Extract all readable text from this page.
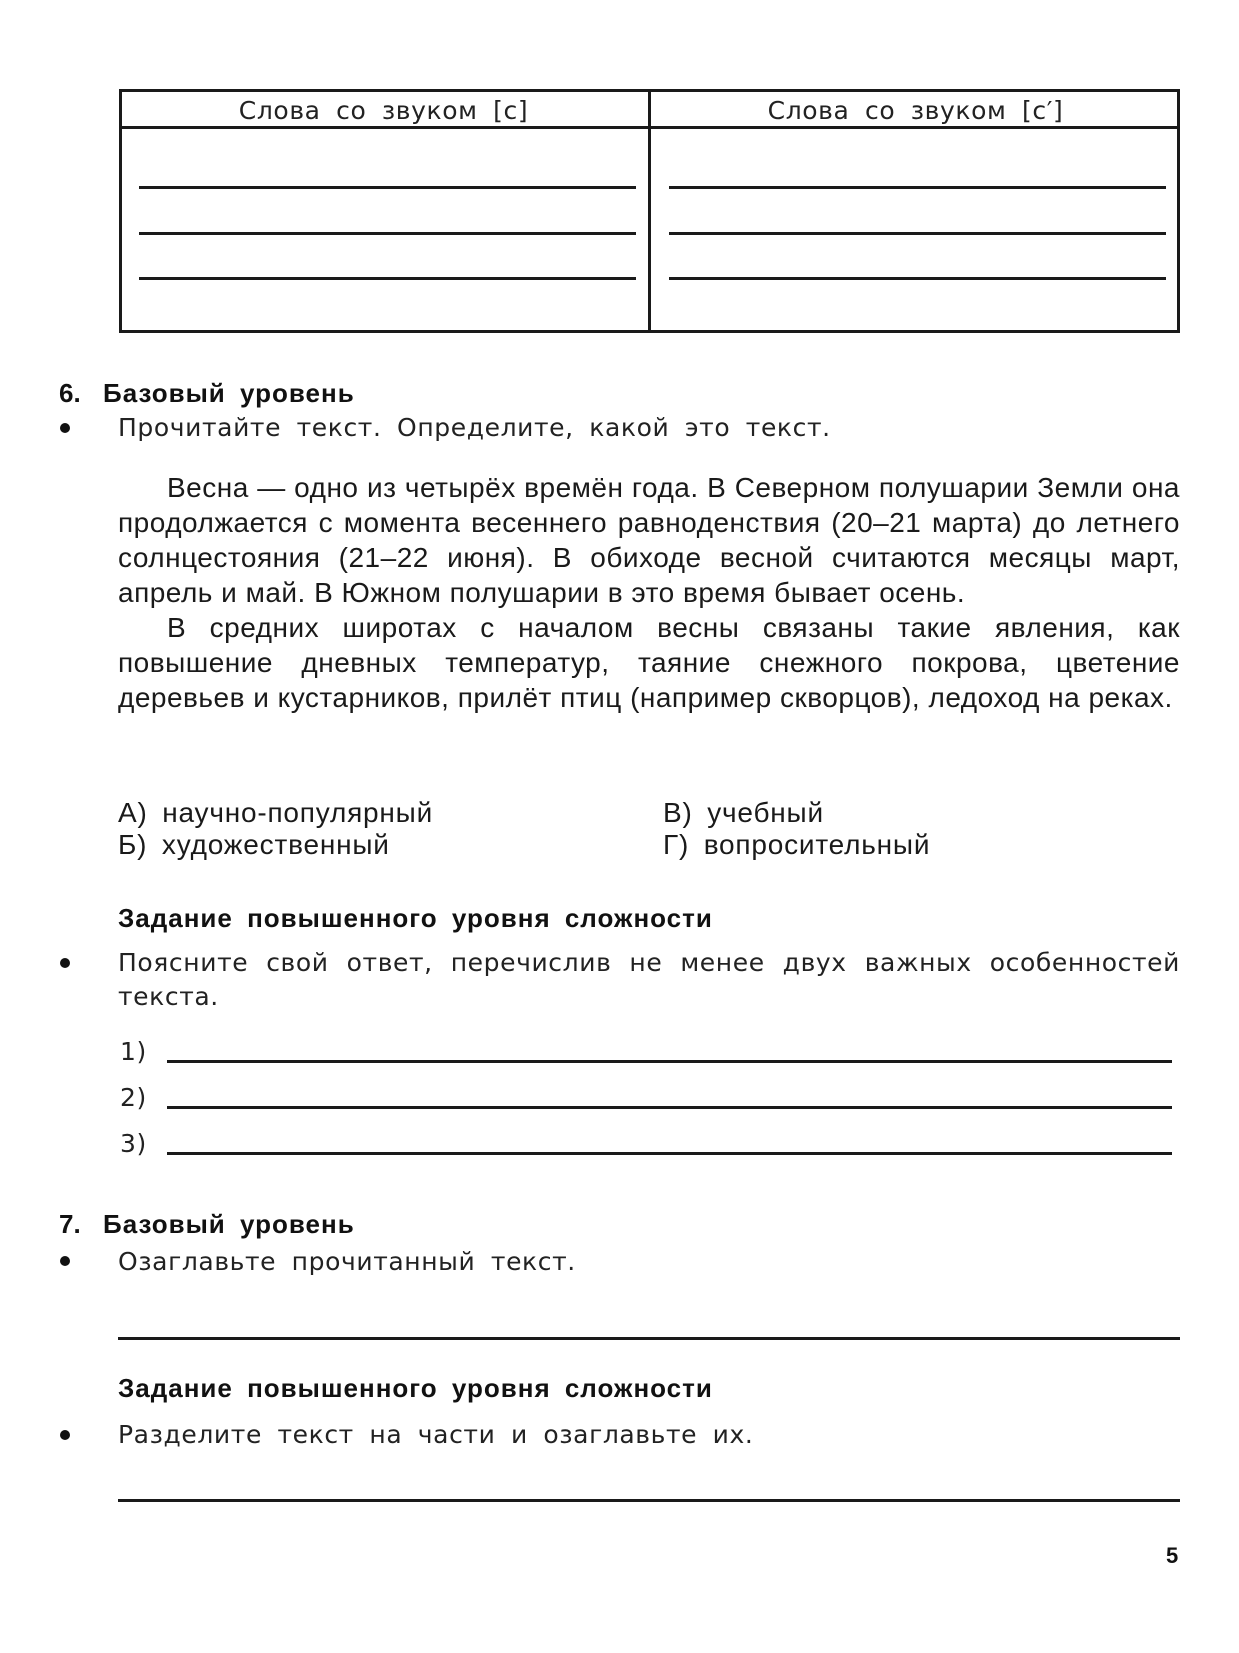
Слова со звуком [с]	Слова со звуком [с′]
6. Базовый уровень
Прочитайте текст. Определите, какой это текст.

Весна — одно из четырёх времён года. В Северном полушарии Земли она продолжается с момента весеннего равноденствия (20–21 марта) до летнего солнцестояния (21–22 июня). В обиходе весной считаются месяцы март, апрель и май. В Южном полушарии в это время бывает осень.

В средних широтах с началом весны связаны такие явления, как повышение дневных температур, таяние снежного покрова, цветение деревьев и кустарников, прилёт птиц (например скворцов), ледоход на реках.

А) научно-популярный
Б) художественный
В) учебный
Г) вопросительный
Задание повышенного уровня сложности
Поясните свой ответ, перечислив не менее двух важных особенностей
текста.
1)
2)
3)
7. Базовый уровень
Озаглавьте прочитанный текст.
Задание повышенного уровня сложности
Разделите текст на части и озаглавьте их.
5
